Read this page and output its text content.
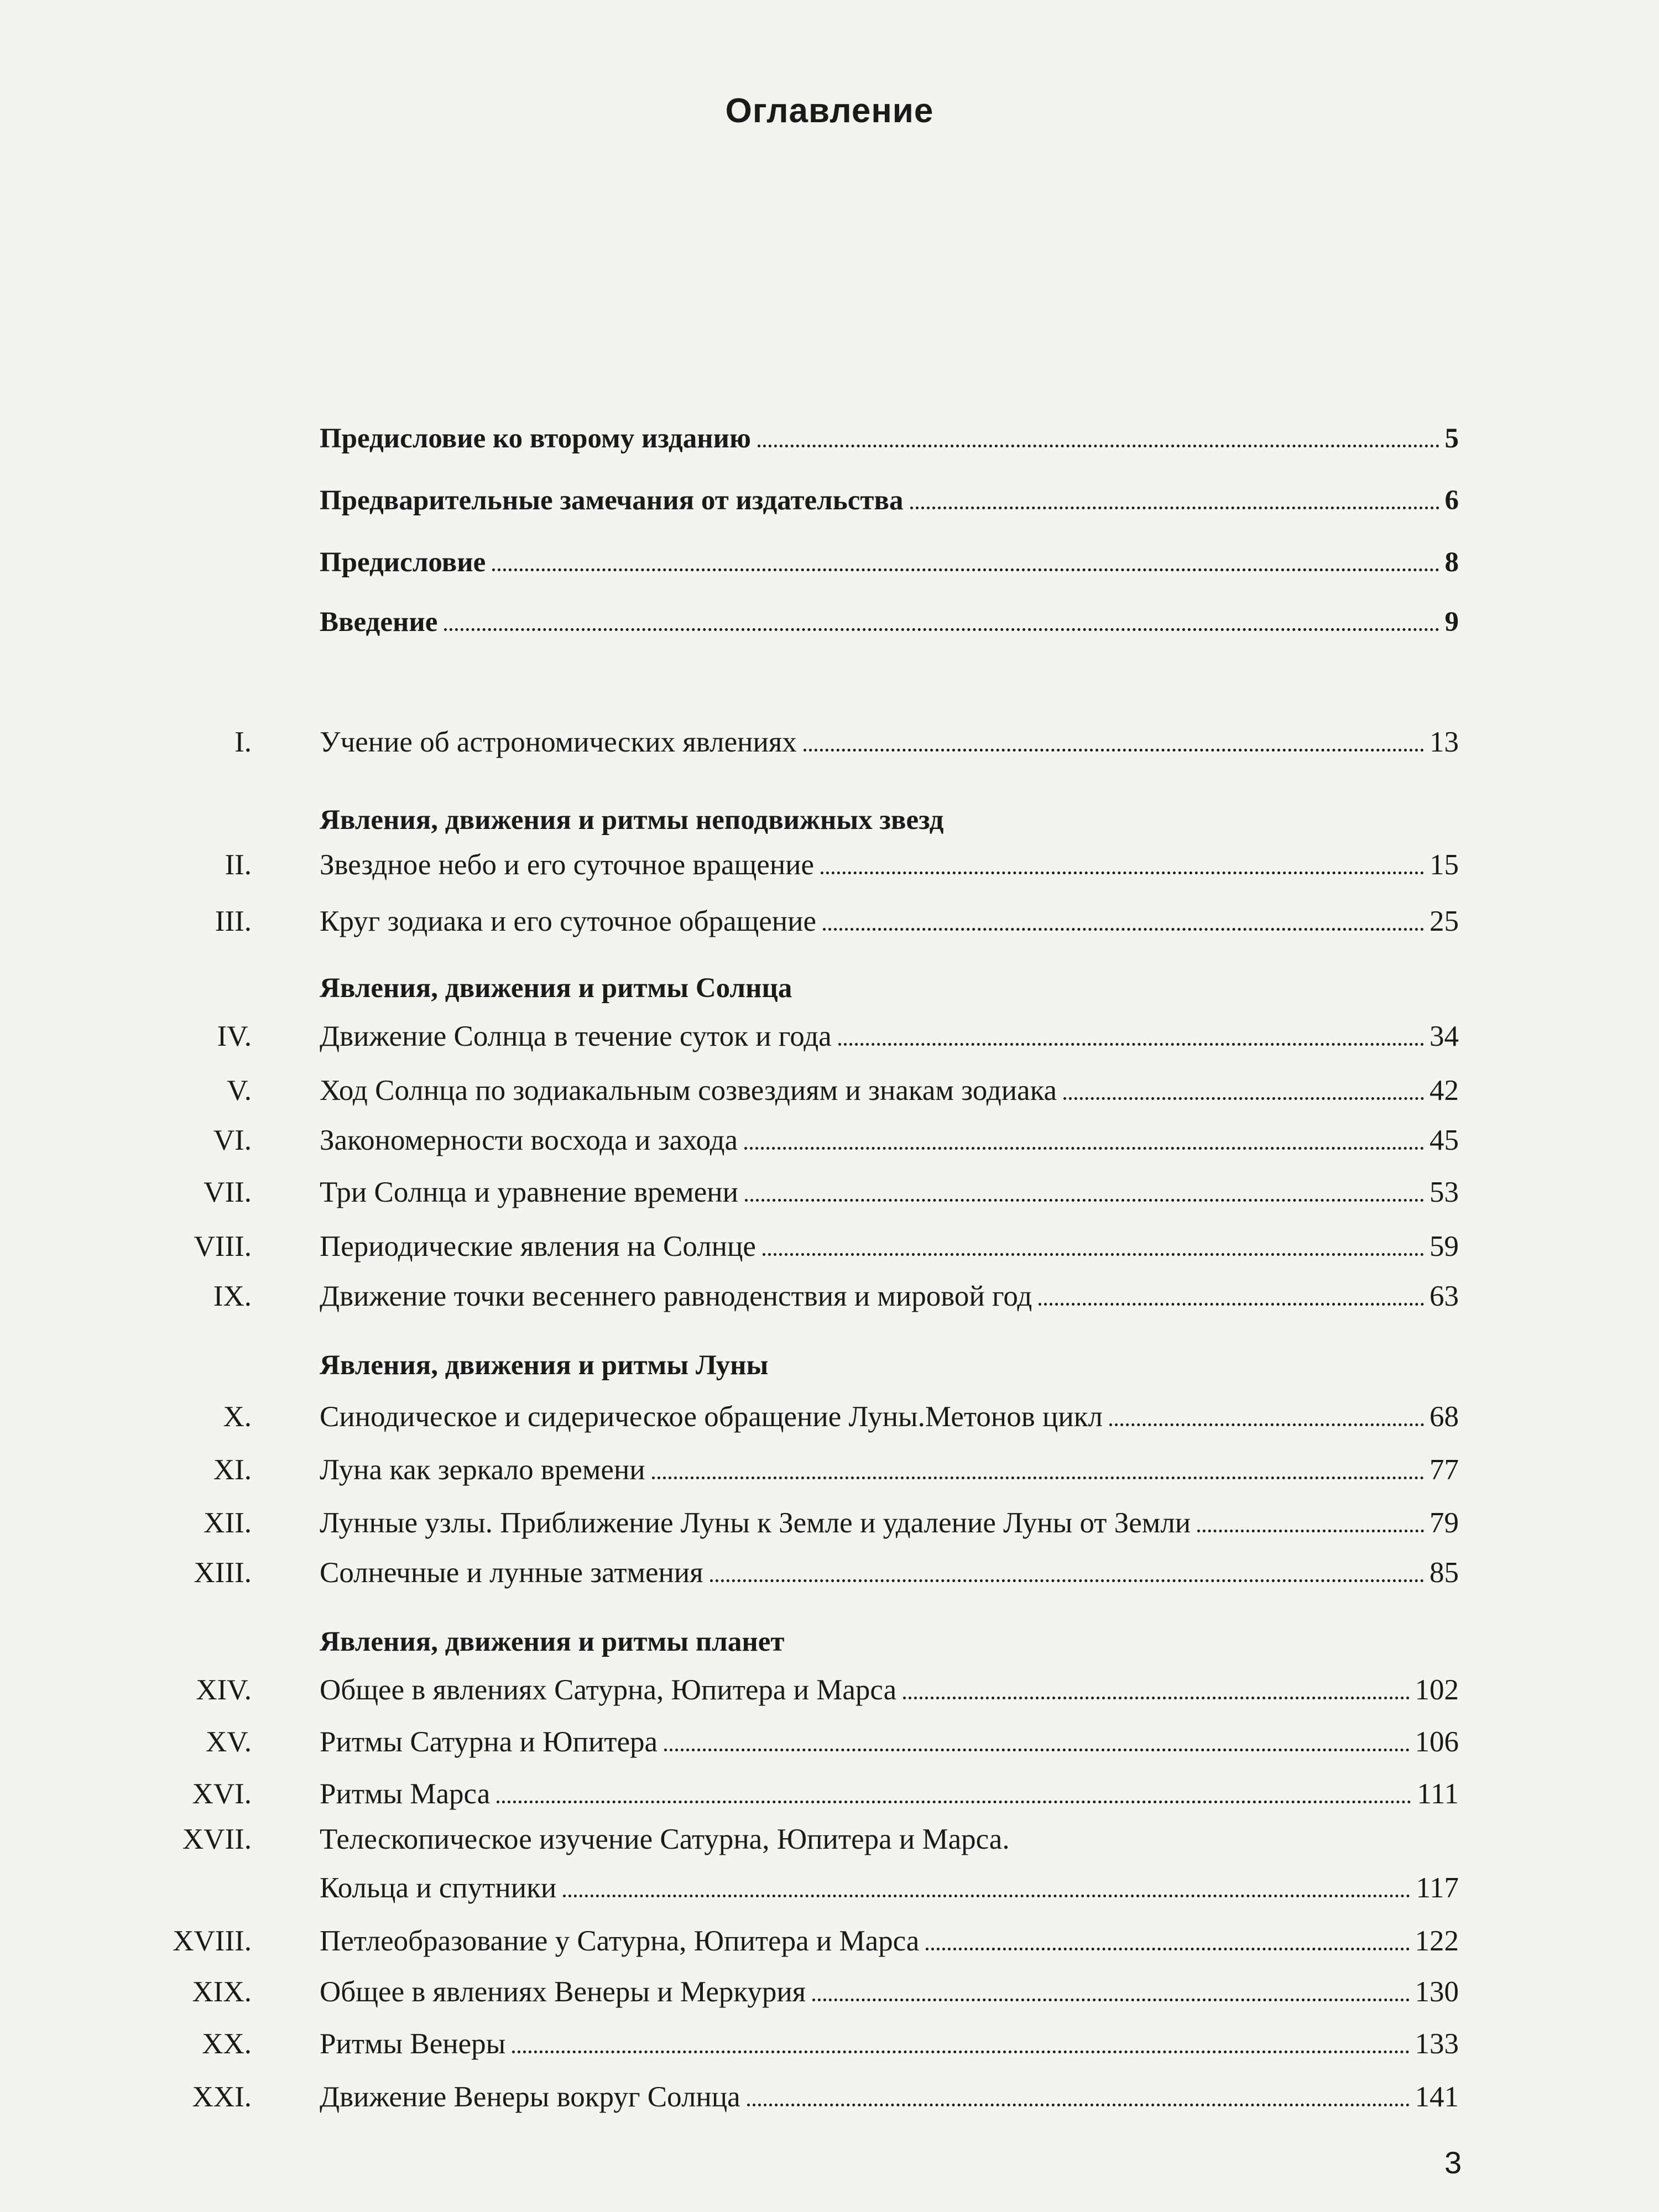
Оглавление
Предисловие ко второму изданию	5
Предварительные замечания от издательства	6
Предисловие	8
Введение	9
I. Учение об астрономических явлениях	13
Явления, движения и ритмы неподвижных звезд
II. Звездное небо и его суточное вращение	15
III. Круг зодиака и его суточное обращение	25
Явления, движения и ритмы Солнца
IV. Движение Солнца в течение суток и года	34
V. Ход Солнца по зодиакальным созвездиям и знакам зодиака	42
VI. Закономерности восхода и захода	45
VII. Три Солнца и уравнение времени	53
VIII. Периодические явления на Солнце	59
IX. Движение точки весеннего равноденствия и мировой год	63
Явления, движения и ритмы Луны
X. Синодическое и сидерическое обращение Луны.Метонов цикл	68
XI. Луна как зеркало времени	77
XII. Лунные узлы. Приближение Луны к Земле и удаление Луны от Земли	79
XIII. Солнечные и лунные затмения	85
Явления, движения и ритмы планет
XIV. Общее в явлениях Сатурна, Юпитера и Марса	102
XV. Ритмы Сатурна и Юпитера	106
XVI. Ритмы Марса	111
XVII. Телескопическое изучение Сатурна, Юпитера и Марса.
Кольца и спутники	117
XVIII. Петлеобразование у Сатурна, Юпитера и Марса	122
XIX. Общее в явлениях Венеры и Меркурия	130
XX. Ритмы Венеры	133
XXI. Движение Венеры вокруг Солнца	141
3
